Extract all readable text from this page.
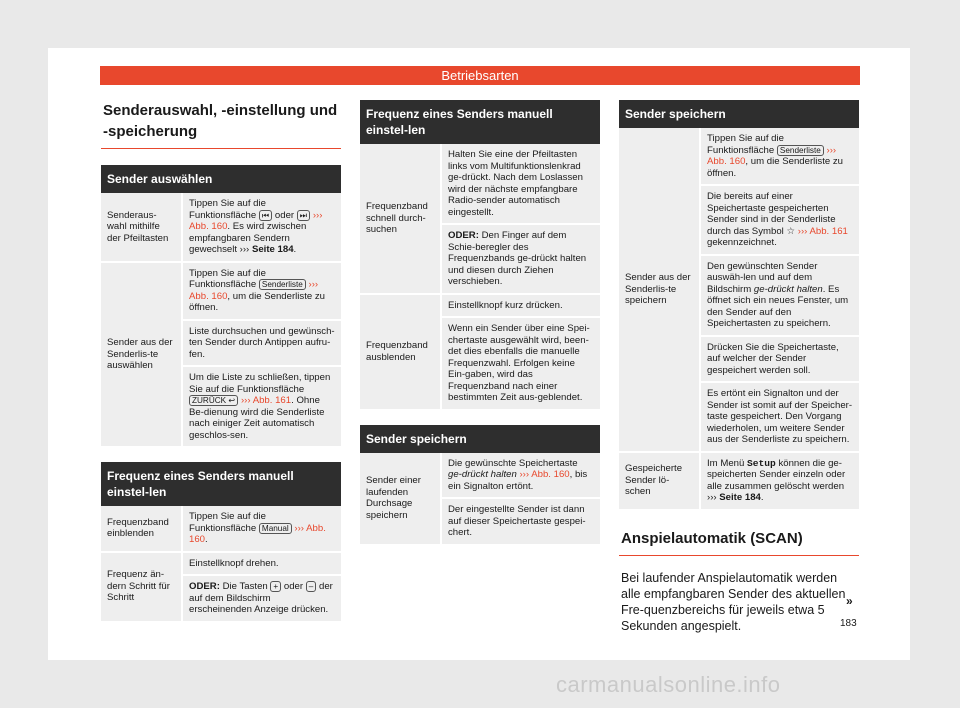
Betriebsarten
Senderauswahl, -einstellung und -speicherung
Sender auswählen
Senderaus-wahl mithilfe der Pfeiltasten
Tippen Sie auf die Funktionsfläche ⏮ oder ⏭ ››› Abb. 160. Es wird zwischen empfangbaren Sendern gewechselt ››› Seite 184.
Sender aus der Senderlis-te auswählen
Tippen Sie auf die Funktionsfläche Senderliste ››› Abb. 160, um die Senderliste zu öffnen.
Liste durchsuchen und gewünsch-ten Sender durch Antippen aufru-fen.
Um die Liste zu schließen, tippen Sie auf die Funktionsfläche ZURÜCK ↩ ››› Abb. 161. Ohne Be-dienung wird die Senderliste nach einiger Zeit automatisch geschlos-sen.
Frequenz eines Senders manuell einstel-len
Frequenzband einblenden
Tippen Sie auf die Funktionsfläche Manual ››› Abb. 160.
Frequenz än-dern Schritt für Schritt
Einstellknopf drehen.
ODER: Die Tasten + oder – der auf dem Bildschirm erscheinenden Anzeige drücken.
Frequenz eines Senders manuell einstel-len
Frequenzband schnell durch-suchen
Halten Sie eine der Pfeiltasten links vom Multifunktionslenkrad ge-drückt. Nach dem Loslassen wird der nächste empfangbare Radio-sender automatisch eingestellt.
ODER: Den Finger auf dem Schie-beregler des Frequenzbands ge-drückt halten und diesen durch Ziehen verschieben.
Frequenzband ausblenden
Einstellknopf kurz drücken.
Wenn ein Sender über eine Spei-chertaste ausgewählt wird, been-det dies ebenfalls die manuelle Frequenzwahl. Erfolgen keine Ein-gaben, wird das Frequenzband nach einer bestimmten Zeit aus-geblendet.
Sender speichern
Sender einer laufenden Durchsage speichern
Die gewünschte Speichertaste ge-drückt halten ››› Abb. 160, bis ein Signalton ertönt.
Der eingestellte Sender ist dann auf dieser Speichertaste gespei-chert.
Sender speichern
Sender aus der Senderlis-te speichern
Tippen Sie auf die Funktionsfläche Senderliste ››› Abb. 160, um die Senderliste zu öffnen.
Die bereits auf einer Speichertaste gespeicherten Sender sind in der Senderliste durch das Symbol ☆ ››› Abb. 161 gekennzeichnet.
Den gewünschten Sender auswäh-len und auf dem Bildschirm ge-drückt halten. Es öffnet sich ein neues Fenster, um den Sender auf den Speichertasten zu speichern.
Drücken Sie die Speichertaste, auf welcher der Sender gespeichert werden soll.
Es ertönt ein Signalton und der Sender ist somit auf der Speicher-taste gespeichert. Den Vorgang wiederholen, um weitere Sender aus der Senderliste zu speichern.
Gespeicherte Sender lö-schen
Im Menü Setup können die ge-speicherten Sender einzeln oder alle zusammen gelöscht werden ››› Seite 184.
Anspielautomatik (SCAN)
Bei laufender Anspielautomatik werden alle empfangbaren Sender des aktuellen Fre-quenzbereichs für jeweils etwa 5 Sekunden angespielt.
»
183
carmanualsonline.info
